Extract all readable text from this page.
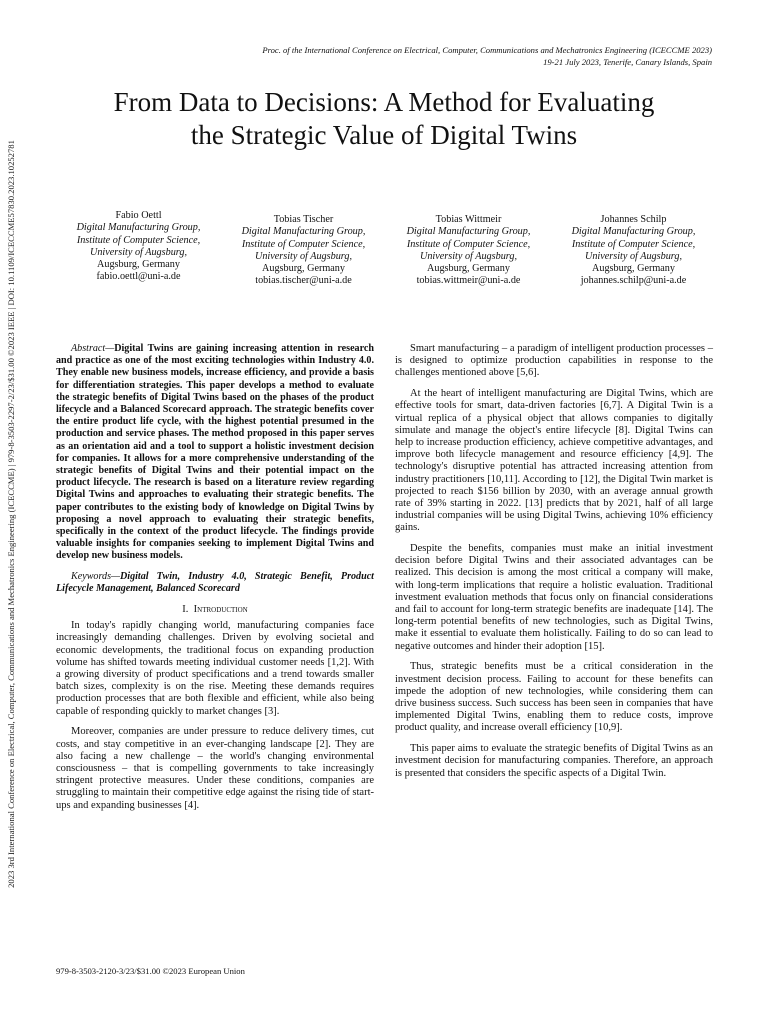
2023 3rd International Conference on Electrical, Computer, Communications and Mechatronics Engineering (ICECCME) | 979-8-3503-2297-2/23/$31.00 ©2023 IEEE | DOI: 10.1109/ICECCME57830.2023.10252781
Proc. of the International Conference on Electrical, Computer, Communications and Mechatronics Engineering (ICECCME 2023)
19-21 July 2023, Tenerife, Canary Islands, Spain
From Data to Decisions: A Method for Evaluating
the Strategic Value of Digital Twins
Fabio Oettl
Digital Manufacturing Group,
Institute of Computer Science,
University of Augsburg,
Augsburg, Germany
fabio.oettl@uni-a.de
Tobias Tischer
Digital Manufacturing Group,
Institute of Computer Science,
University of Augsburg,
Augsburg, Germany
tobias.tischer@uni-a.de
Tobias Wittmeir
Digital Manufacturing Group,
Institute of Computer Science,
University of Augsburg,
Augsburg, Germany
tobias.wittmeir@uni-a.de
Johannes Schilp
Digital Manufacturing Group,
Institute of Computer Science,
University of Augsburg,
Augsburg, Germany
johannes.schilp@uni-a.de

Abstract—Digital Twins are gaining increasing attention in research and practice as one of the most exciting technologies within Industry 4.0. They enable new business models, increase efficiency, and provide a basis for differentiation strategies. This paper develops a method to evaluate the strategic benefits of Digital Twins based on the phases of the product lifecycle and a Balanced Scorecard approach. The strategic benefits cover the entire product life cycle, with the highest potential presumed in the production and service phases. The method proposed in this paper serves as an orientation aid and a tool to support a holistic investment decision for companies. It allows for a more comprehensive understanding of the strategic benefits of Digital Twins and their potential impact on the product lifecycle. The research is based on a literature review regarding Digital Twins and approaches to evaluating their strategic benefits. The paper contributes to the existing body of knowledge on Digital Twins by proposing a novel approach to evaluating their strategic benefits, specifically in the context of the product lifecycle. The findings provide valuable insights for companies seeking to implement Digital Twins and develop new business models.

Keywords—Digital Twin, Industry 4.0, Strategic Benefit, Product Lifecycle Management, Balanced Scorecard

I. Introduction

In today's rapidly changing world, manufacturing companies face increasingly demanding challenges. Driven by evolving societal and economic developments, the traditional focus on expanding production volume has shifted towards meeting individual customer needs [1,2]. With a growing diversity of product specifications and a trend towards smaller batch sizes, complexity is on the rise. Meeting these demands requires production processes that are both flexible and efficient, while also being capable of responding quickly to market changes [3].

Moreover, companies are under pressure to reduce delivery times, cut costs, and stay competitive in an ever-changing landscape [2]. They are also facing a new challenge – the world's changing environmental consciousness – that is compelling governments to take increasingly stringent protective measures. Under these conditions, companies are struggling to maintain their competitive edge against the rising tide of start-ups and expanding businesses [4].

Smart manufacturing – a paradigm of intelligent production processes – is designed to optimize production capabilities in response to the challenges mentioned above [5,6].

At the heart of intelligent manufacturing are Digital Twins, which are effective tools for smart, data-driven factories [6,7]. A Digital Twin is a virtual replica of a physical object that allows companies to digitally simulate and manage the object's entire lifecycle [8]. Digital Twins can help to increase production efficiency, achieve competitive advantages, and improve both lifecycle management and resource efficiency [4,9]. The technology's disruptive potential has attracted increasing attention from industry practitioners [10,11]. According to [12], the Digital Twin market is projected to reach $156 billion by 2030, with an average annual growth rate of 39% starting in 2022. [13] predicts that by 2021, half of all large industrial companies will be using Digital Twins, achieving 10% efficiency gains.

Despite the benefits, companies must make an initial investment decision before Digital Twins and their associated advantages can be realized. This decision is among the most critical a company will make, with long-term implications that require a holistic evaluation. Traditional investment evaluation methods that focus only on financial considerations and fail to account for long-term strategic benefits are inadequate [14]. The long-term potential benefits of new technologies, such as Digital Twins, make it essential to evaluate them holistically. Failing to do so can lead to negative outcomes and hinder their adoption [15].

Thus, strategic benefits must be a critical consideration in the investment decision process. Failing to account for these benefits can impede the adoption of new technologies, while considering them can drive business success. Such success has been seen in companies that have implemented Digital Twins, enabling them to reduce costs, improve product quality, and increase overall efficiency [10,9].

This paper aims to evaluate the strategic benefits of Digital Twins as an investment decision for manufacturing companies. Therefore, an approach is presented that considers the specific aspects of a Digital Twin.

979-8-3503-2120-3/23/$31.00 ©2023 European Union
